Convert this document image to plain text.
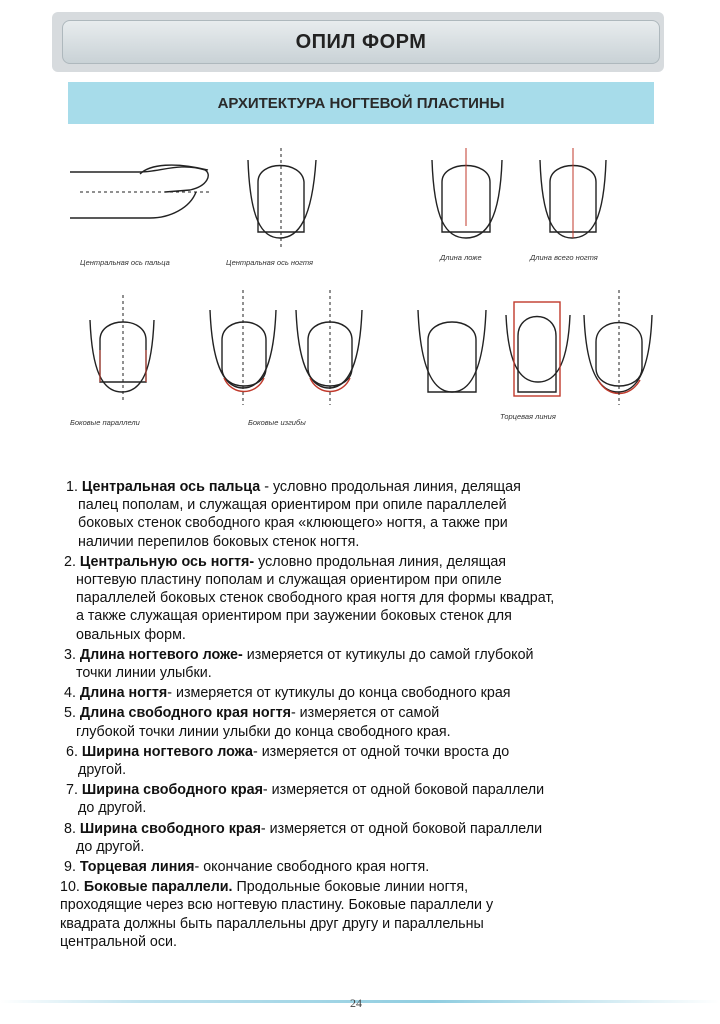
ОПИЛ ФОРМ
АРХИТЕКТУРА НОГТЕВОЙ ПЛАСТИНЫ
Центральная ось пальца	Центральная ось ногтя
Длина ложе	Длина всего ногтя
Боковые параллели	Боковые изгибы
Торцевая линия
1. Центральная ось пальца - условно продольная линия, делящая
палец пополам, и служащая ориентиром при опиле параллелей
боковых стенок свободного края «клюющего» ногтя, а также при
наличии перепилов боковых стенок ногтя.
2. Центральную ось ногтя- условно продольная линия, делящая
ногтевую пластину пополам и служащая ориентиром при опиле
параллелей боковых стенок свободного края ногтя для формы квадрат,
а также служащая ориентиром при заужении боковых стенок для
овальных форм.
3. Длина ногтевого ложе- измеряется от кутикулы до самой глубокой
точки линии улыбки.
4. Длина ногтя- измеряется от кутикулы до конца свободного края
5. Длина свободного края ногтя- измеряется от самой
глубокой точки линии улыбки до конца свободного края.
6. Ширина ногтевого ложа- измеряется от одной точки вроста до
другой.
7. Ширина свободного края- измеряется от одной боковой параллели
до другой.
8. Ширина свободного края- измеряется от одной боковой параллели
до другой.
9. Торцевая линия- окончание свободного края ногтя.
10. Боковые параллели. Продольные боковые линии ногтя,
проходящие через всю ногтевую пластину. Боковые параллели у
квадрата должны быть параллельны друг другу и параллельны
центральной оси.
24
